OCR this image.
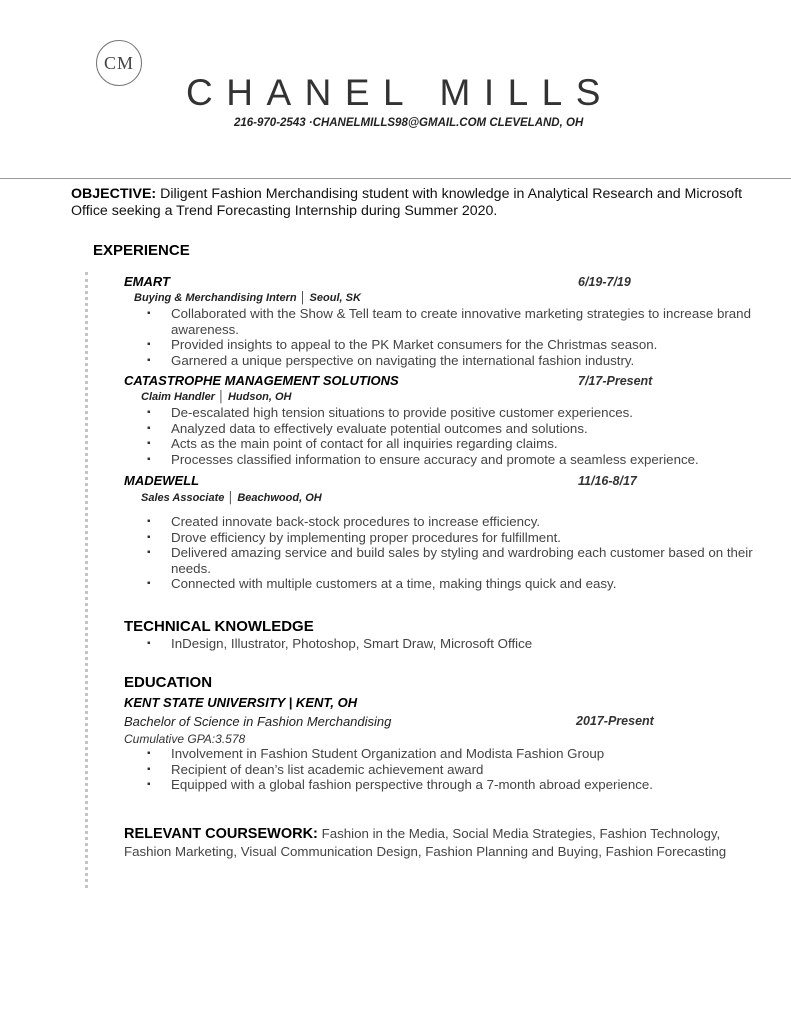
CM
CHANEL MILLS
216-970-2543 ·CHANELMILLS98@GMAIL.COM CLEVELAND, OH
OBJECTIVE: Diligent Fashion Merchandising student with knowledge in Analytical Research and Microsoft Office seeking a Trend Forecasting Internship during Summer 2020.
EXPERIENCE
EMART	6/19-7/19
Buying & Merchandising Intern │ Seoul, SK
▪ Collaborated with the Show & Tell team to create innovative marketing strategies to increase brand awareness.
▪ Provided insights to appeal to the PK Market consumers for the Christmas season.
▪ Garnered a unique perspective on navigating the international fashion industry.
CATASTROPHE MANAGEMENT SOLUTIONS	7/17-Present
Claim Handler │ Hudson, OH
▪ De-escalated high tension situations to provide positive customer experiences.
▪ Analyzed data to effectively evaluate potential outcomes and solutions.
▪ Acts as the main point of contact for all inquiries regarding claims.
▪ Processes classified information to ensure accuracy and promote a seamless experience.
MADEWELL	11/16-8/17
Sales Associate │ Beachwood, OH
▪ Created innovate back-stock procedures to increase efficiency.
▪ Drove efficiency by implementing proper procedures for fulfillment.
▪ Delivered amazing service and build sales by styling and wardrobing each customer based on their needs.
▪ Connected with multiple customers at a time, making things quick and easy.
TECHNICAL KNOWLEDGE
▪ InDesign, Illustrator, Photoshop, Smart Draw, Microsoft Office
EDUCATION
KENT STATE UNIVERSITY | KENT, OH
Bachelor of Science in Fashion Merchandising	2017-Present
Cumulative GPA:3.578
▪ Involvement in Fashion Student Organization and Modista Fashion Group
▪ Recipient of dean’s list academic achievement award
▪ Equipped with a global fashion perspective through a 7-month abroad experience.
RELEVANT COURSEWORK: Fashion in the Media, Social Media Strategies, Fashion Technology, Fashion Marketing, Visual Communication Design, Fashion Planning and Buying, Fashion Forecasting
